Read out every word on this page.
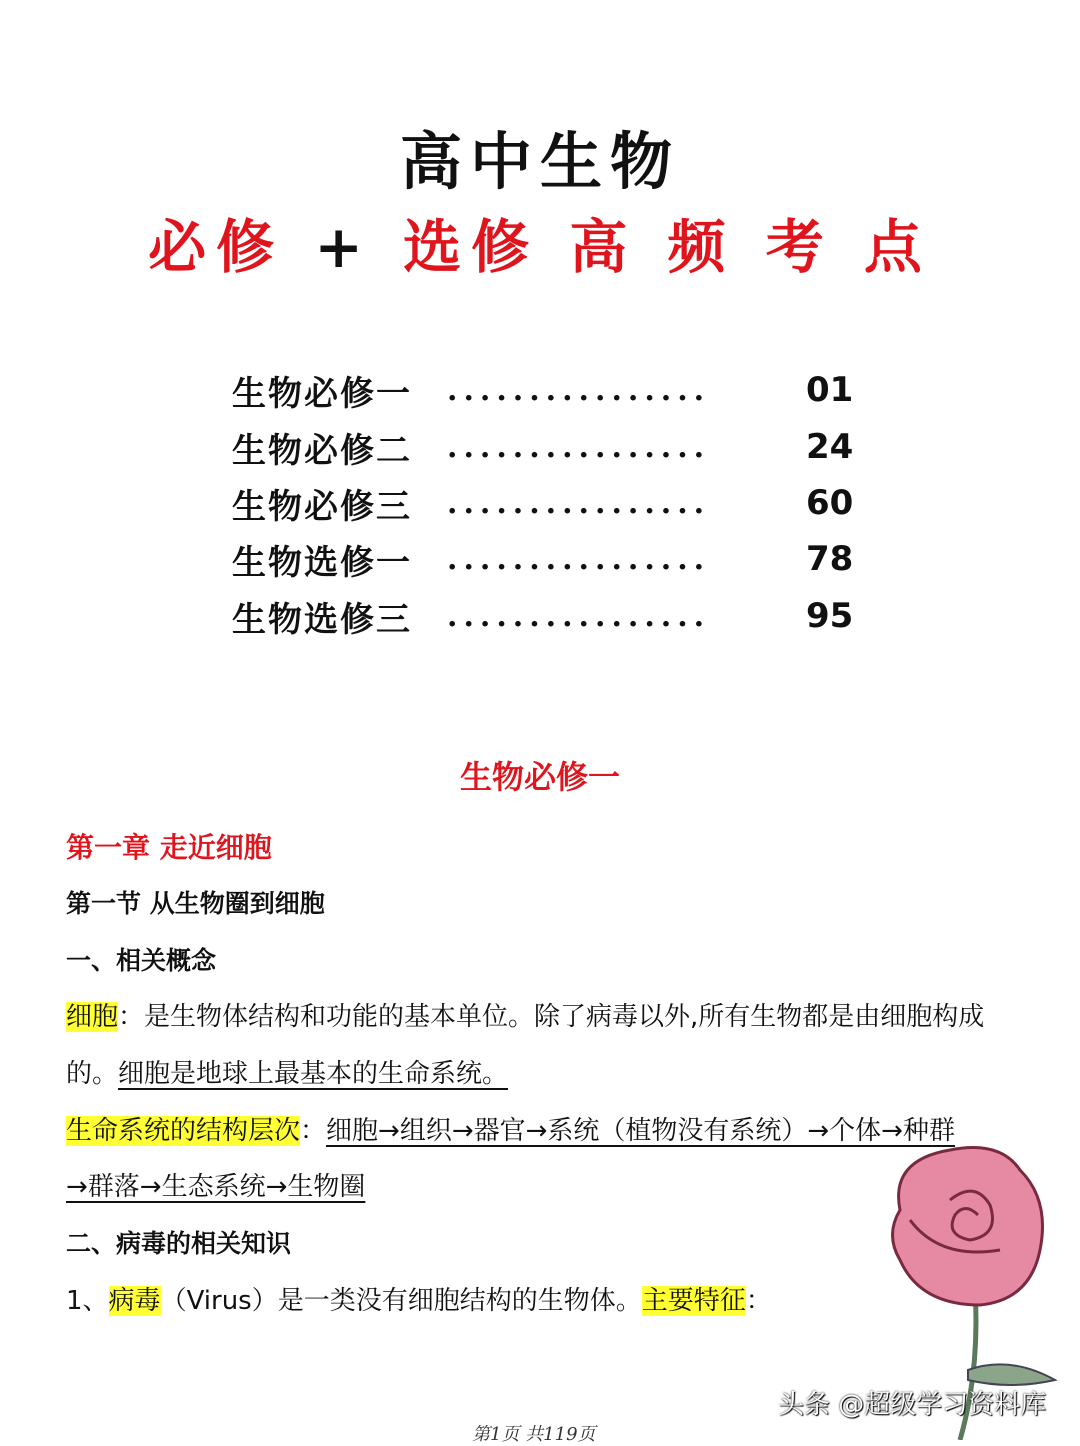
高中生物
必修 + 选修 高 频 考 点
生物必修一	................	01
生物必修二	................	24
生物必修三	................	60
生物选修一	................	78
生物选修三	................	95
生物必修一
第一章 走近细胞
第一节 从生物圈到细胞
一、相关概念
细胞：是生物体结构和功能的基本单位。除了病毒以外,所有生物都是由细胞构成
的。细胞是地球上最基本的生命系统。
生命系统的结构层次：细胞→组织→器官→系统（植物没有系统）→个体→种群
→群落→生态系统→生物圈
二、病毒的相关知识
1、病毒（Virus）是一类没有细胞结构的生物体。主要特征：
头条 @超级学习资料库
第1页 共119页
